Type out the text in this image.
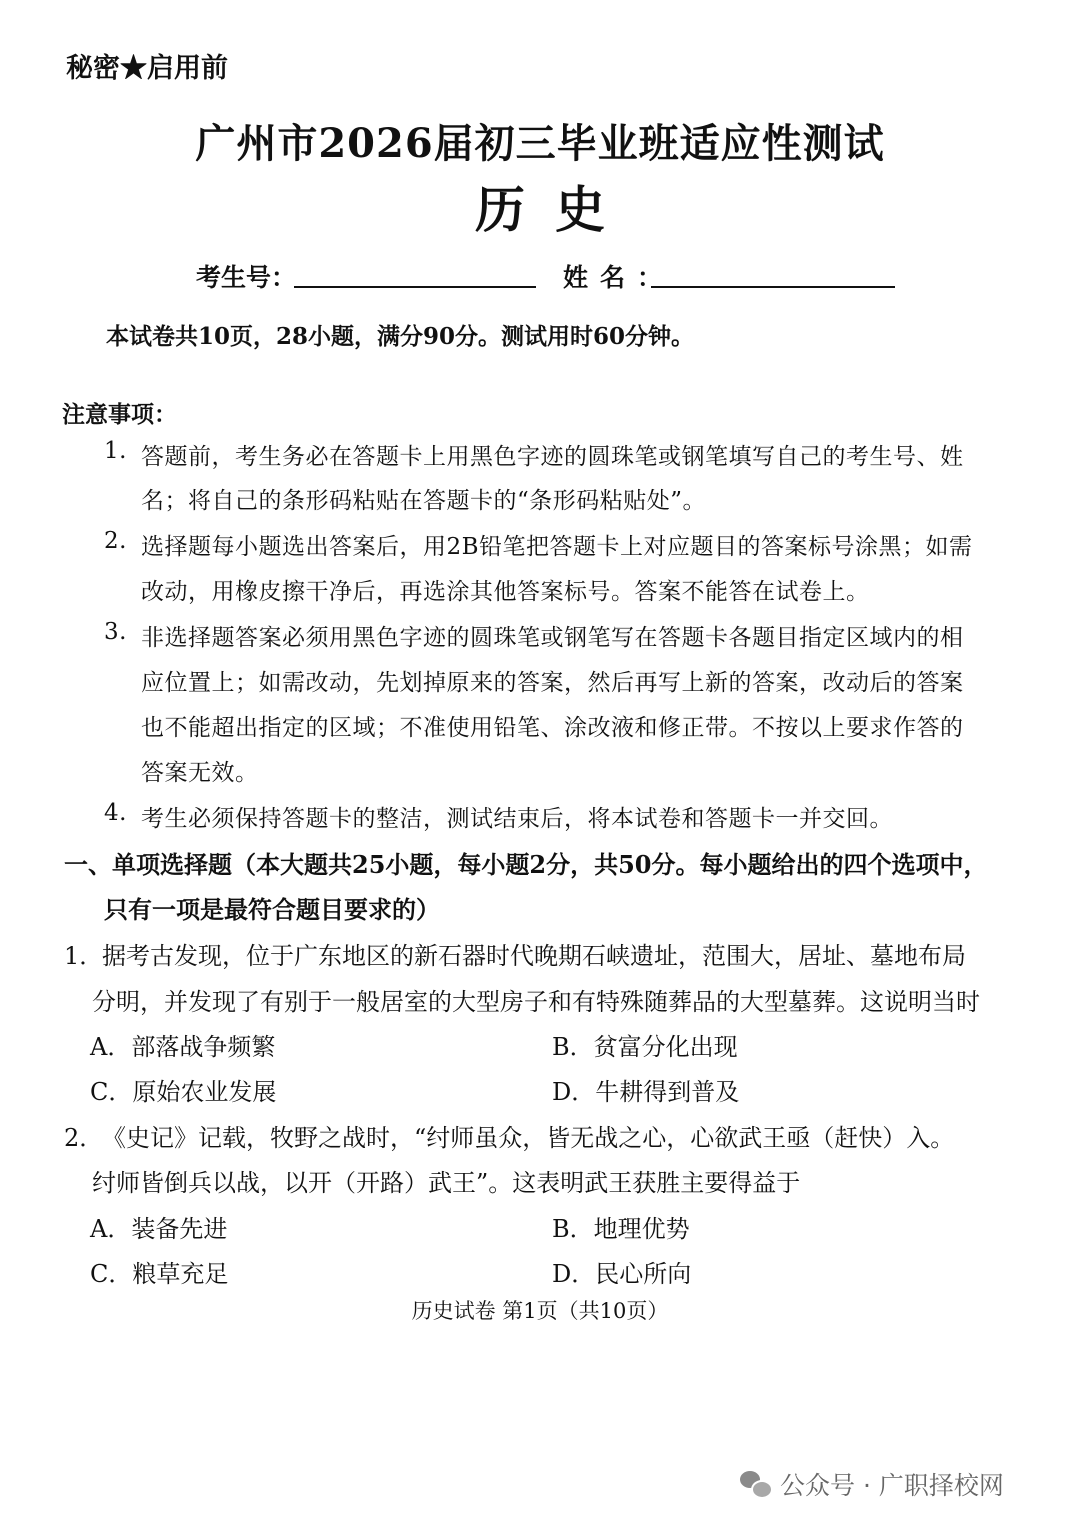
秘密★启用前
广州市2026届初三毕业班适应性测试
历史
考生号：	姓名：
本试卷共10页，28小题，满分90分。测试用时60分钟。
注意事项：
1. 答题前，考生务必在答题卡上用黑色字迹的圆珠笔或钢笔填写自己的考生号、姓
名；将自己的条形码粘贴在答题卡的“条形码粘贴处”。
2. 选择题每小题选出答案后，用2B铅笔把答题卡上对应题目的答案标号涂黑；如需
改动，用橡皮擦干净后，再选涂其他答案标号。答案不能答在试卷上。
3. 非选择题答案必须用黑色字迹的圆珠笔或钢笔写在答题卡各题目指定区域内的相
应位置上；如需改动，先划掉原来的答案，然后再写上新的答案，改动后的答案
也不能超出指定的区域；不准使用铅笔、涂改液和修正带。不按以上要求作答的
答案无效。
4. 考生必须保持答题卡的整洁，测试结束后，将本试卷和答题卡一并交回。
一、单项选择题（本大题共25小题，每小题2分，共50分。每小题给出的四个选项中，
只有一项是最符合题目要求的）
1．
据考古发现，位于广东地区的新石器时代晚期石峡遗址，范围大，居址、墓地布局
分明，并发现了有别于一般居室的大型房子和有特殊随葬品的大型墓葬。这说明当时
A．部落战争频繁	B．贫富分化出现
C．原始农业发展	D．牛耕得到普及
2．
《史记》记载，牧野之战时，“纣师虽众，皆无战之心，心欲武王亟（赶快）入。
纣师皆倒兵以战，以开（开路）武王”。这表明武王获胜主要得益于
A．装备先进	B．地理优势
C．粮草充足	D．民心所向
历史试卷 第1页（共10页）
公众号 · 广职择校网
